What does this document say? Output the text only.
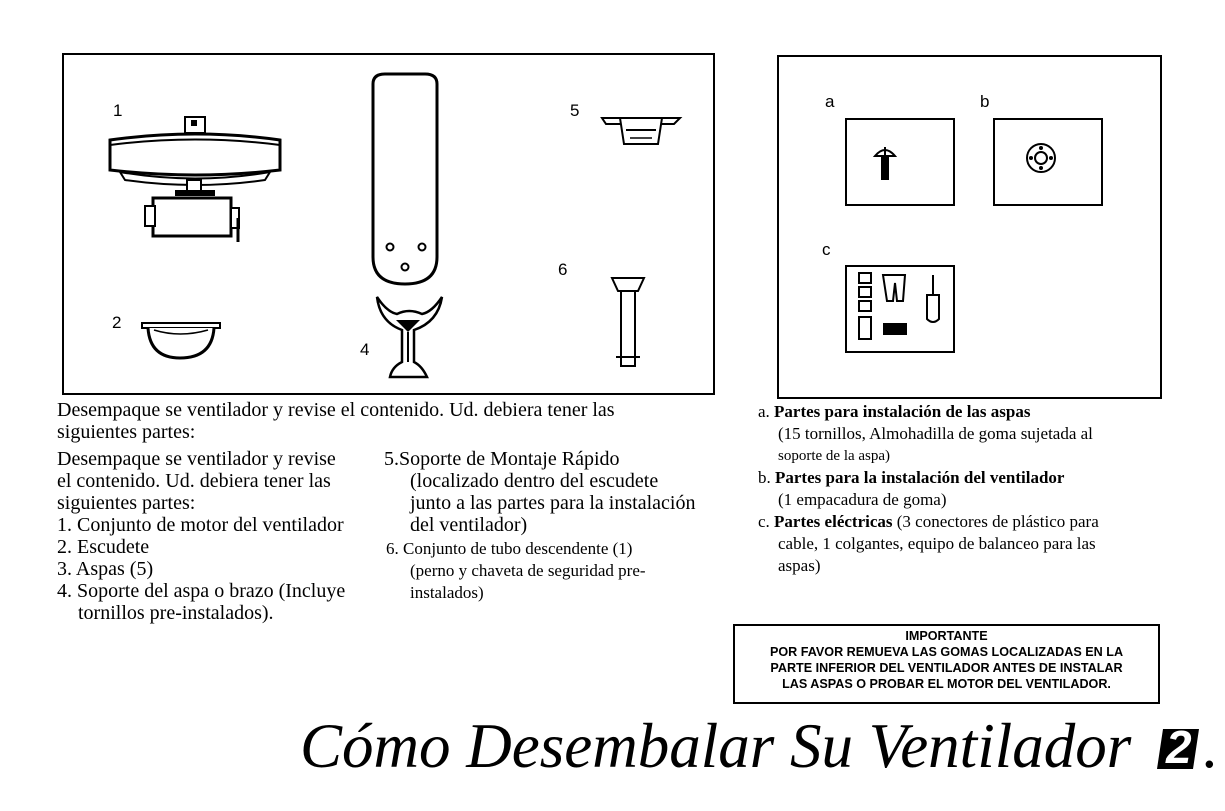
1
2
4
5
6
a	b
c
Desempaque se ventilador y revise el contenido. Ud. debiera tener las
siguientes partes:
Desempaque se ventilador y revise
el contenido. Ud. debiera tener las
siguientes partes:
1. Conjunto de motor del ventilador
2. Escudete
3. Aspas (5)
4. Soporte del aspa o brazo (Incluye
tornillos pre-instalados).
5.Soporte de Montaje Rápido
(localizado dentro del escudete
junto a las partes para la instalación
del ventilador)
6. Conjunto de tubo descendente (1)
(perno y chaveta de seguridad pre-
instalados)
a. Partes para instalación de las aspas
(15 tornillos, Almohadilla de goma sujetada al
soporte de la aspa)
b. Partes para la instalación del ventilador
(1 empacadura de goma)
c. Partes eléctricas (3 conectores de plástico para
cable, 1 colgantes, equipo de balanceo para las
aspas)
IMPORTANTE
POR FAVOR REMUEVA LAS GOMAS LOCALIZADAS EN LA
PARTE INFERIOR DEL VENTILADOR ANTES DE INSTALAR
LAS ASPAS O PROBAR EL MOTOR DEL VENTILADOR.
Cómo Desembalar Su Ventilador 2 .
